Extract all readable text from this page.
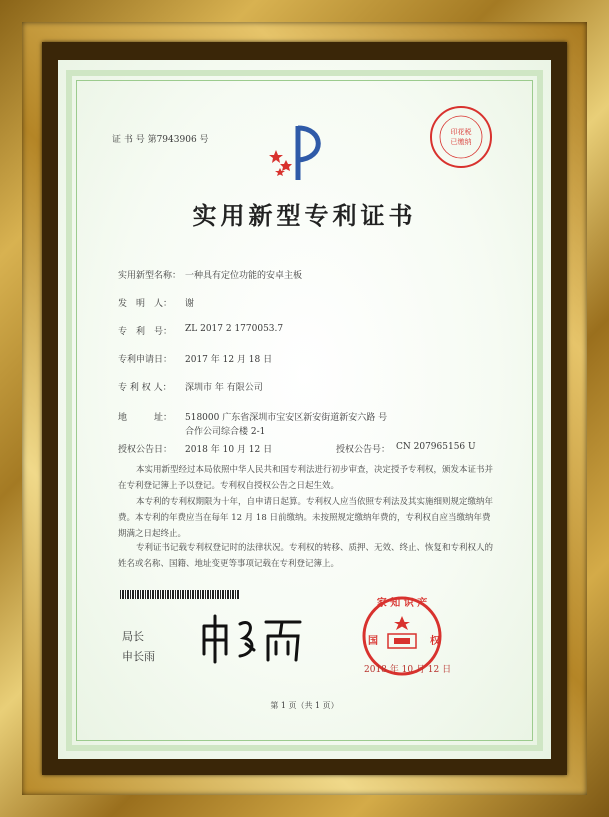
证 书 号 第7943906 号
印花税
已缴纳
实用新型专利证书
实用新型名称： 一种具有定位功能的安卓主板
发　明　人： 谢
专　利　号： ZL 2017 2 1770053.7
专利申请日： 2017 年 12 月 18 日
专 利 权 人： 深圳市 年 有限公司
地　　　址： 518000 广东省深圳市宝安区新安街道新安六路 号
合作公司综合楼 2-1
授权公告日： 2018 年 10 月 12 日	授权公告号： CN 207965156 U
本实用新型经过本局依照中华人民共和国专利法进行初步审查，决定授予专利权，颁发本证书并在专利登记簿上予以登记。专利权自授权公告之日起生效。
本专利的专利权期限为十年，自申请日起算。专利权人应当依照专利法及其实施细则规定缴纳年费。本专利的年费应当在每年 12 月 18 日前缴纳。未按照规定缴纳年费的，专利权自应当缴纳年费期满之日起终止。
专利证书记载专利权登记时的法律状况。专利权的转移、质押、无效、终止、恢复和专利权人的姓名或名称、国籍、地址变更等事项记载在专利登记簿上。
局长
申长雨
家 知 识 产
国	权
2018 年 10 月 12 日
第 1 页（共 1 页）
